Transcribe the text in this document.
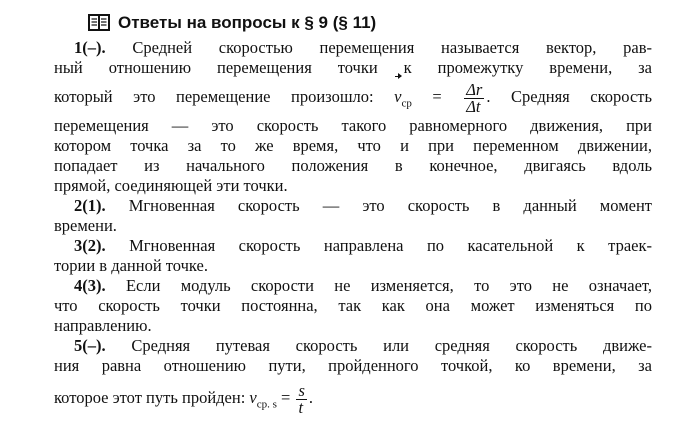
Ответы на вопросы к § 9 (§ 11)
1(–). Средней скоростью перемещения называется вектор, рав-
ный отношению перемещения точки к промежутку времени, за
который это перемещение произошло: $v_{ср} = \frac{\Delta r}{\Delta t}$ . Средняя скорость
перемещения — это скорость такого равномерного движения, при
котором точка за то же время, что и при переменном движении,
попадает из начального положения в конечное, двигаясь вдоль
прямой, соединяющей эти точки.
2(1). Мгновенная скорость — это скорость в данный момент
времени.
3(2). Мгновенная скорость направлена по касательной к траек-
тории в данной точке.
4(3). Если модуль скорости не изменяется, то это не означает,
что скорость точки постоянна, так как она может изменяться по
направлению.
5(–). Средняя путевая скорость или средняя скорость движе-
ния равна отношению пути, пройденного точкой, ко времени, за
которое этот путь пройден: $v_{ср. s} = \frac{s}{t}$ .
